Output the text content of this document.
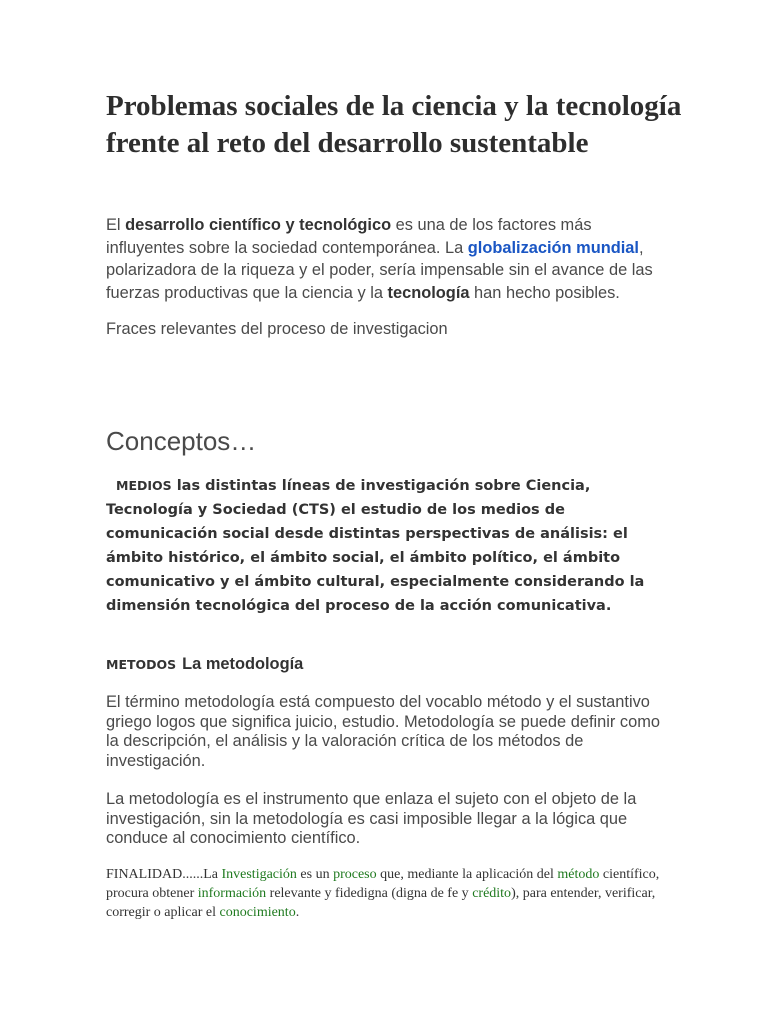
Problemas sociales de la ciencia y la tecnología frente al reto del desarrollo sustentable

El desarrollo científico y tecnológico es una de los factores más influyentes sobre la sociedad contemporánea. La globalización mundial, polarizadora de la riqueza y el poder, sería impensable sin el avance de las fuerzas productivas que la ciencia y la tecnología han hecho posibles.

Fraces relevantes del proceso de investigacion

Conceptos…

MEDIOS las distintas líneas de investigación sobre Ciencia, Tecnología y Sociedad (CTS) el estudio de los medios de comunicación social desde distintas perspectivas de análisis: el ámbito histórico, el ámbito social, el ámbito político, el ámbito comunicativo y el ámbito cultural, especialmente considerando la dimensión tecnológica del proceso de la acción comunicativa.

METODOS La metodología

El término metodología está compuesto del vocablo método y el sustantivo griego logos que significa juicio, estudio. Metodología se puede definir como la descripción, el análisis y la valoración crítica de los métodos de investigación.

La metodología es el instrumento que enlaza el sujeto con el objeto de la investigación, sin la metodología es casi imposible llegar a la lógica que conduce al conocimiento científico.

FINALIDAD......La Investigación es un proceso que, mediante la aplicación del método científico, procura obtener información relevante y fidedigna (digna de fe y crédito), para entender, verificar, corregir o aplicar el conocimiento.
